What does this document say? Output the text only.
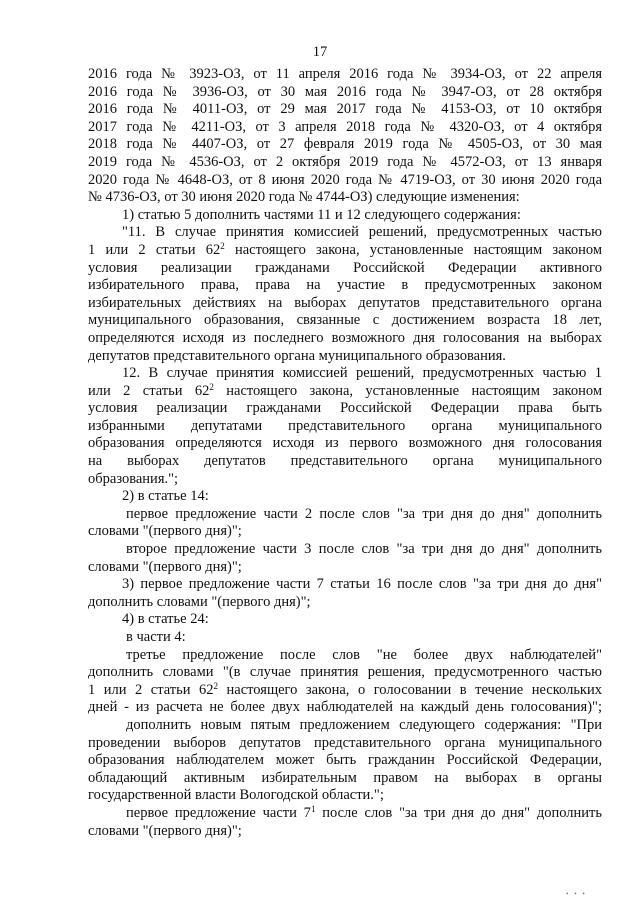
17
2016 года № 3923-ОЗ, от 11 апреля 2016 года № 3934-ОЗ, от 22 апреля
2016 года № 3936-ОЗ, от 30 мая 2016 года № 3947-ОЗ, от 28 октября
2016 года № 4011-ОЗ, от 29 мая 2017 года № 4153-ОЗ, от 10 октября
2017 года № 4211-ОЗ, от 3 апреля 2018 года № 4320-ОЗ, от 4 октября
2018 года № 4407-ОЗ, от 27 февраля 2019 года № 4505-ОЗ, от 30 мая
2019 года № 4536-ОЗ, от 2 октября 2019 года № 4572-ОЗ, от 13 января
2020 года № 4648-ОЗ, от 8 июня 2020 года № 4719-ОЗ, от 30 июня 2020 года
№ 4736-ОЗ, от 30 июня 2020 года № 4744-ОЗ) следующие изменения:
1) статью 5 дополнить частями 11 и 12 следующего содержания:
"11. В случае принятия комиссией решений, предусмотренных частью
1 или 2 статьи $62^2$ настоящего закона, установленные настоящим законом
условия реализации гражданами Российской Федерации активного
избирательного права, права на участие в предусмотренных законом
избирательных действиях на выборах депутатов представительного органа
муниципального образования, связанные с достижением возраста 18 лет,
определяются исходя из последнего возможного дня голосования на выборах
депутатов представительного органа муниципального образования.
12. В случае принятия комиссией решений, предусмотренных частью 1
или 2 статьи $62^2$ настоящего закона, установленные настоящим законом
условия реализации гражданами Российской Федерации права быть
избранными депутатами представительного органа муниципального
образования определяются исходя из первого возможного дня голосования
на выборах депутатов представительного органа муниципального
образования.";
2) в статье 14:
первое предложение части 2 после слов "за три дня до дня" дополнить
словами "(первого дня)";
второе предложение части 3 после слов "за три дня до дня" дополнить
словами "(первого дня)";
3) первое предложение части 7 статьи 16 после слов "за три дня до дня"
дополнить словами "(первого дня)";
4) в статье 24:
в части 4:
третье предложение после слов "не более двух наблюдателей"
дополнить словами "(в случае принятия решения, предусмотренного частью
1 или 2 статьи $62^2$ настоящего закона, о голосовании в течение нескольких
дней - из расчета не более двух наблюдателей на каждый день голосования)";
дополнить новым пятым предложением следующего содержания: "При
проведении выборов депутатов представительного органа муниципального
образования наблюдателем может быть гражданин Российской Федерации,
обладающий активным избирательным правом на выборах в органы
государственной власти Вологодской области.";
первое предложение части $7^1$ после слов "за три дня до дня" дополнить
словами "(первого дня)";
• • •
